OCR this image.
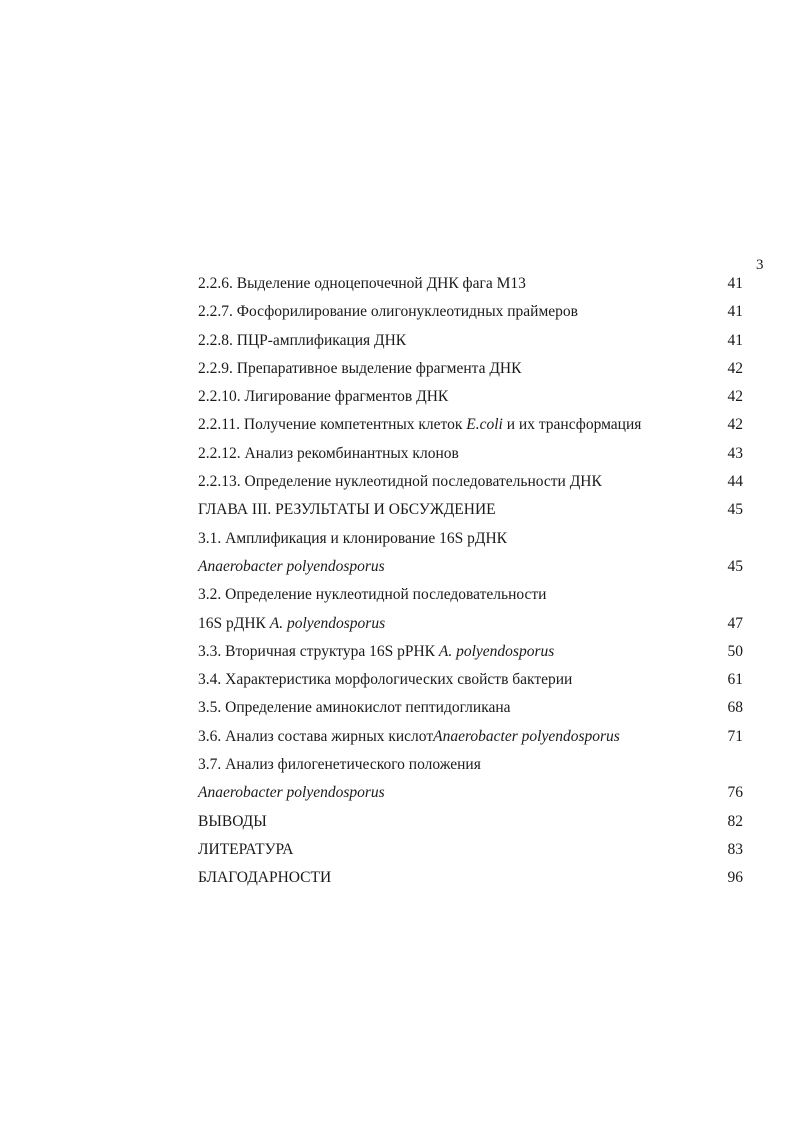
3
2.2.6. Выделение одноцепочечной ДНК фага М13	41
2.2.7. Фосфорилирование олигонуклеотидных праймеров	41
2.2.8. ПЦР-амплификация ДНК	41
2.2.9. Препаративное выделение фрагмента ДНК	42
2.2.10. Лигирование фрагментов ДНК	42
2.2.11. Получение компетентных клеток E.coli и их трансформация	42
2.2.12. Анализ рекомбинантных клонов	43
2.2.13. Определение нуклеотидной последовательности ДНК	44
ГЛАВА III. РЕЗУЛЬТАТЫ И ОБСУЖДЕНИЕ	45
3.1. Амплификация и клонирование 16S рДНК
Anaerobacter polyendosporus	45
3.2. Определение нуклеотидной последовательности
16S рДНК A. polyendosporus	47
3.3. Вторичная структура 16S рРНК A. polyendosporus	50
3.4. Характеристика морфологических свойств бактерии	61
3.5. Определение аминокислот пептидогликана	68
3.6. Анализ состава жирных кислотAnaerobacter polyendosporus	71
3.7. Анализ филогенетического положения
Anaerobacter polyendosporus	76
ВЫВОДЫ	82
ЛИТЕРАТУРА	83
БЛАГОДАРНОСТИ	96
